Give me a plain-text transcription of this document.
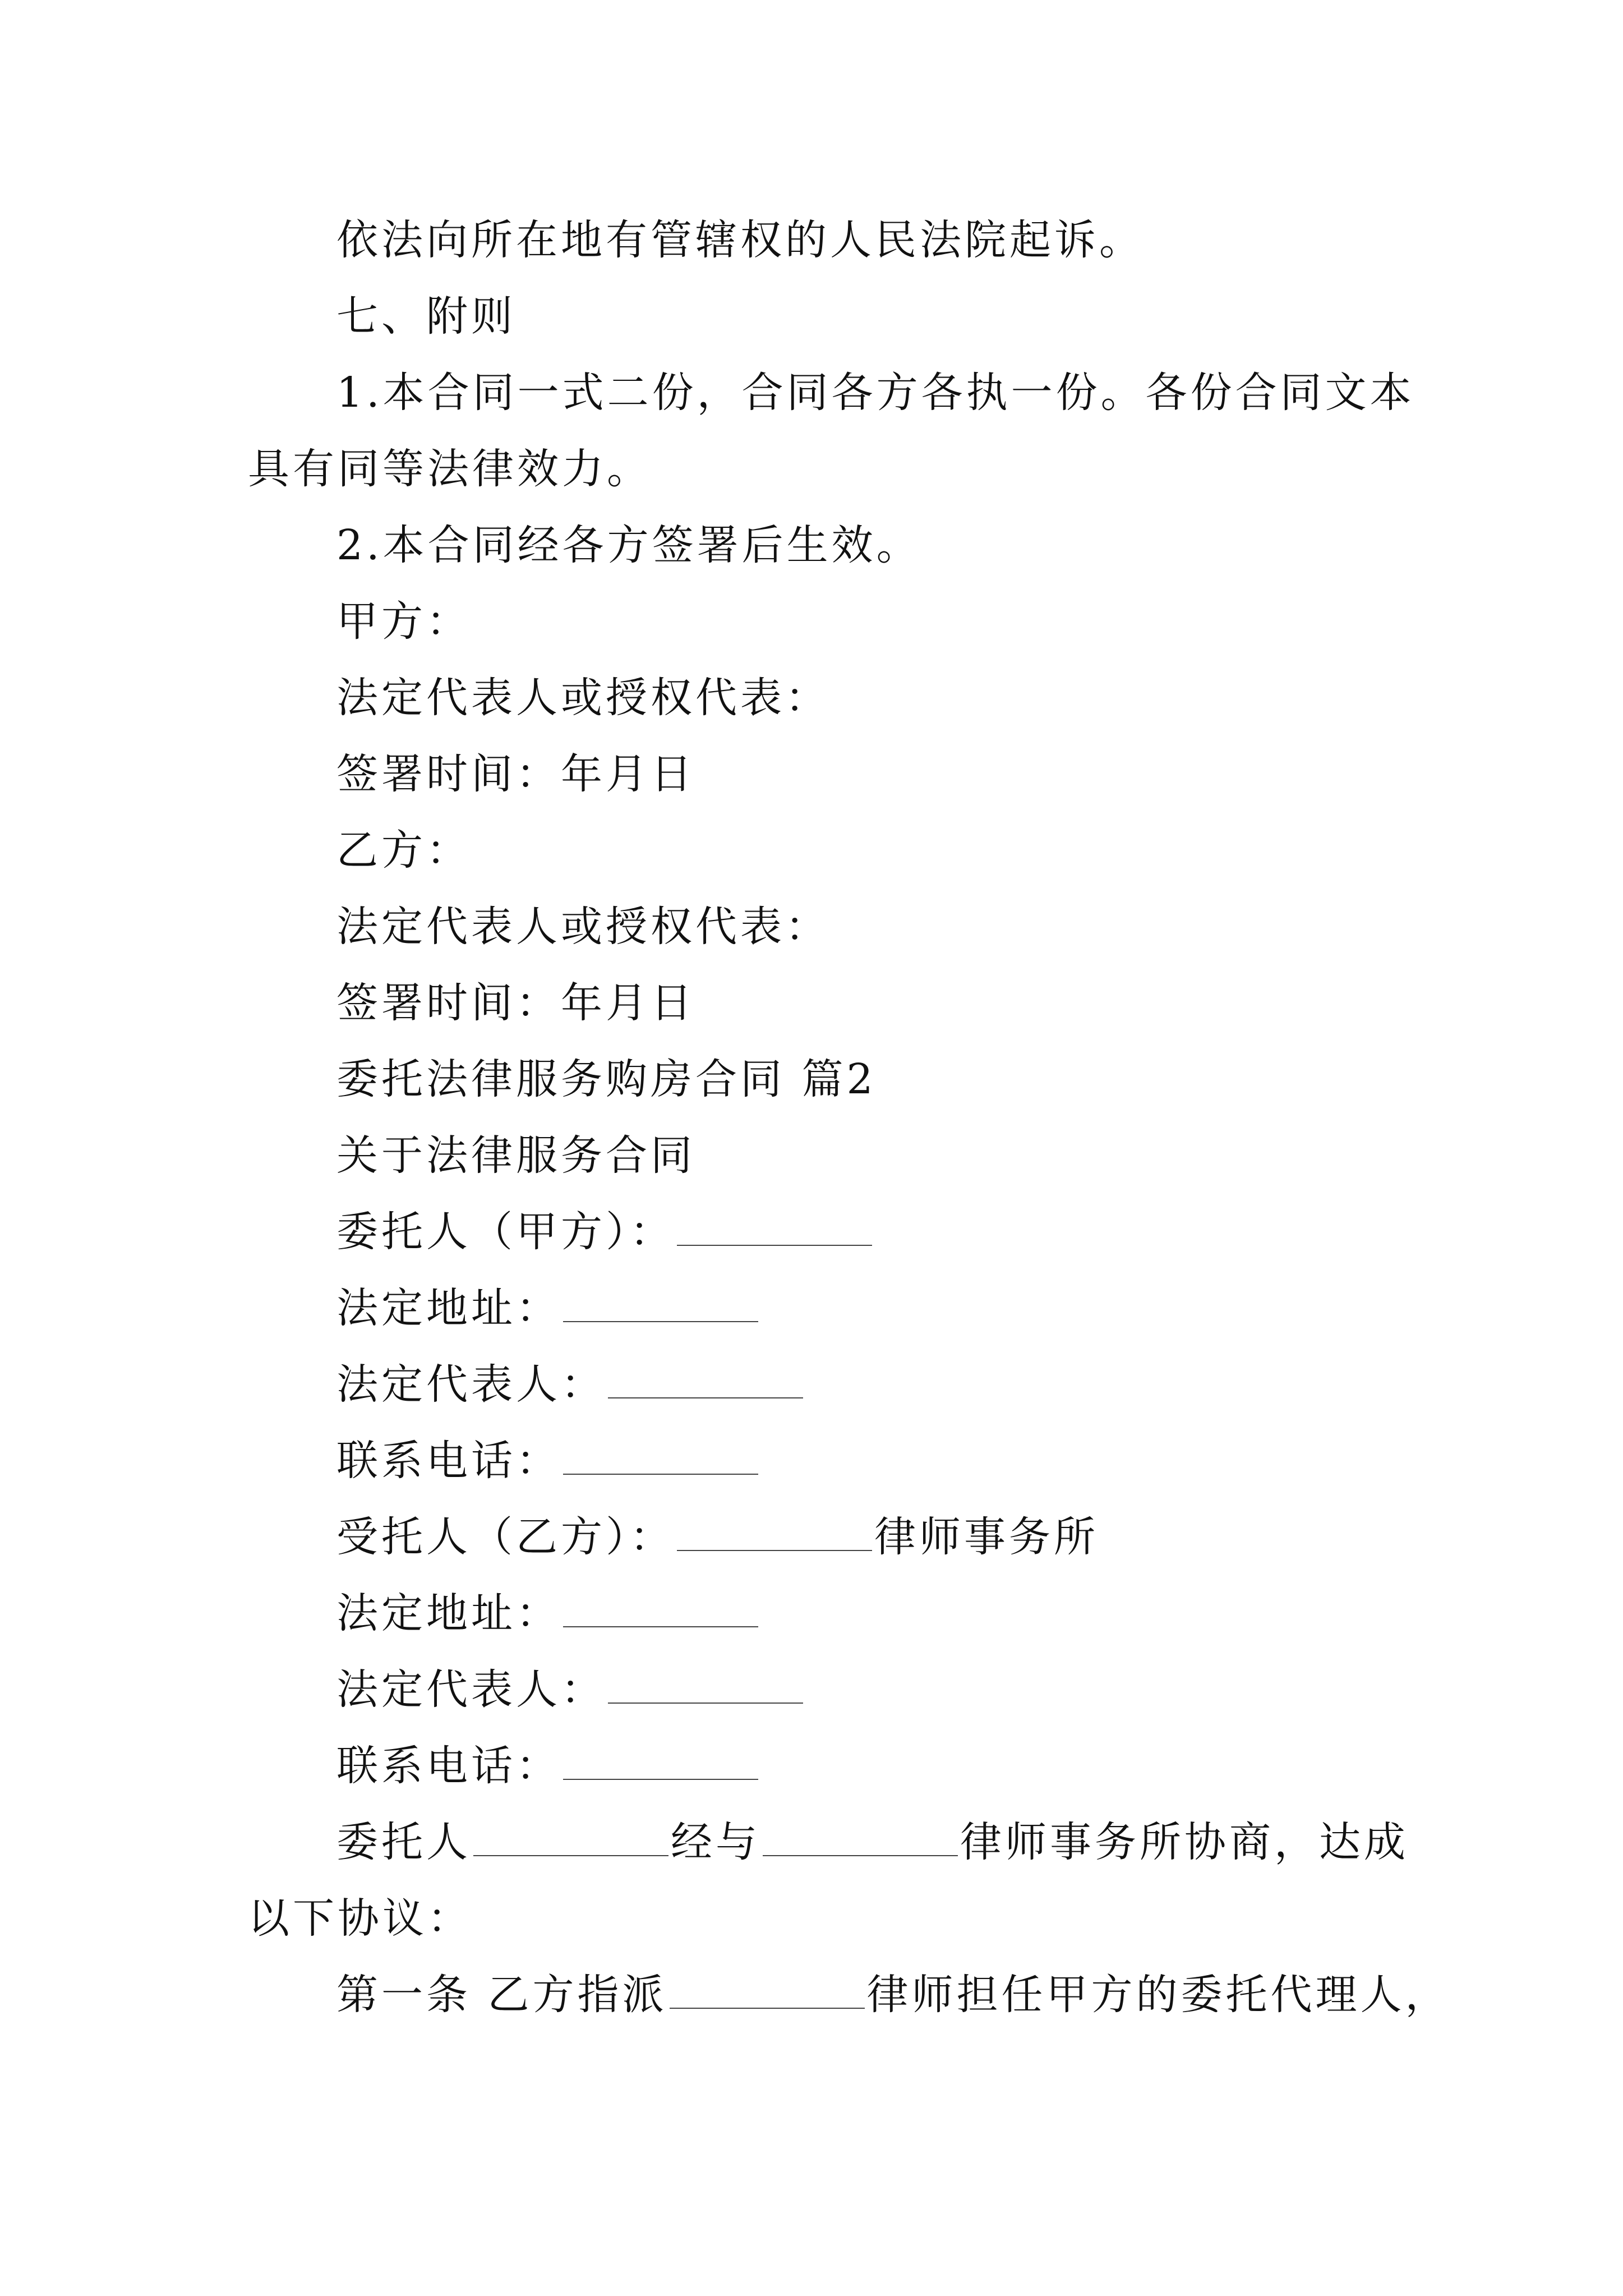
依法向所在地有管辖权的人民法院起诉。
七、附则
1.本合同一式二份，合同各方各执一份。各份合同文本
具有同等法律效力。
2.本合同经各方签署后生效。
甲方：
法定代表人或授权代表：
签署时间：年月日
乙方：
法定代表人或授权代表：
签署时间：年月日
委托法律服务购房合同 篇2
关于法律服务合同
委托人（甲方）：
法定地址：
法定代表人：
联系电话：
受托人（乙方）：	律师事务所
法定地址：
法定代表人：
联系电话：
委托人	经与	律师事务所协商，达成
以下协议：
第一条 乙方指派	律师担任甲方的委托代理人，
